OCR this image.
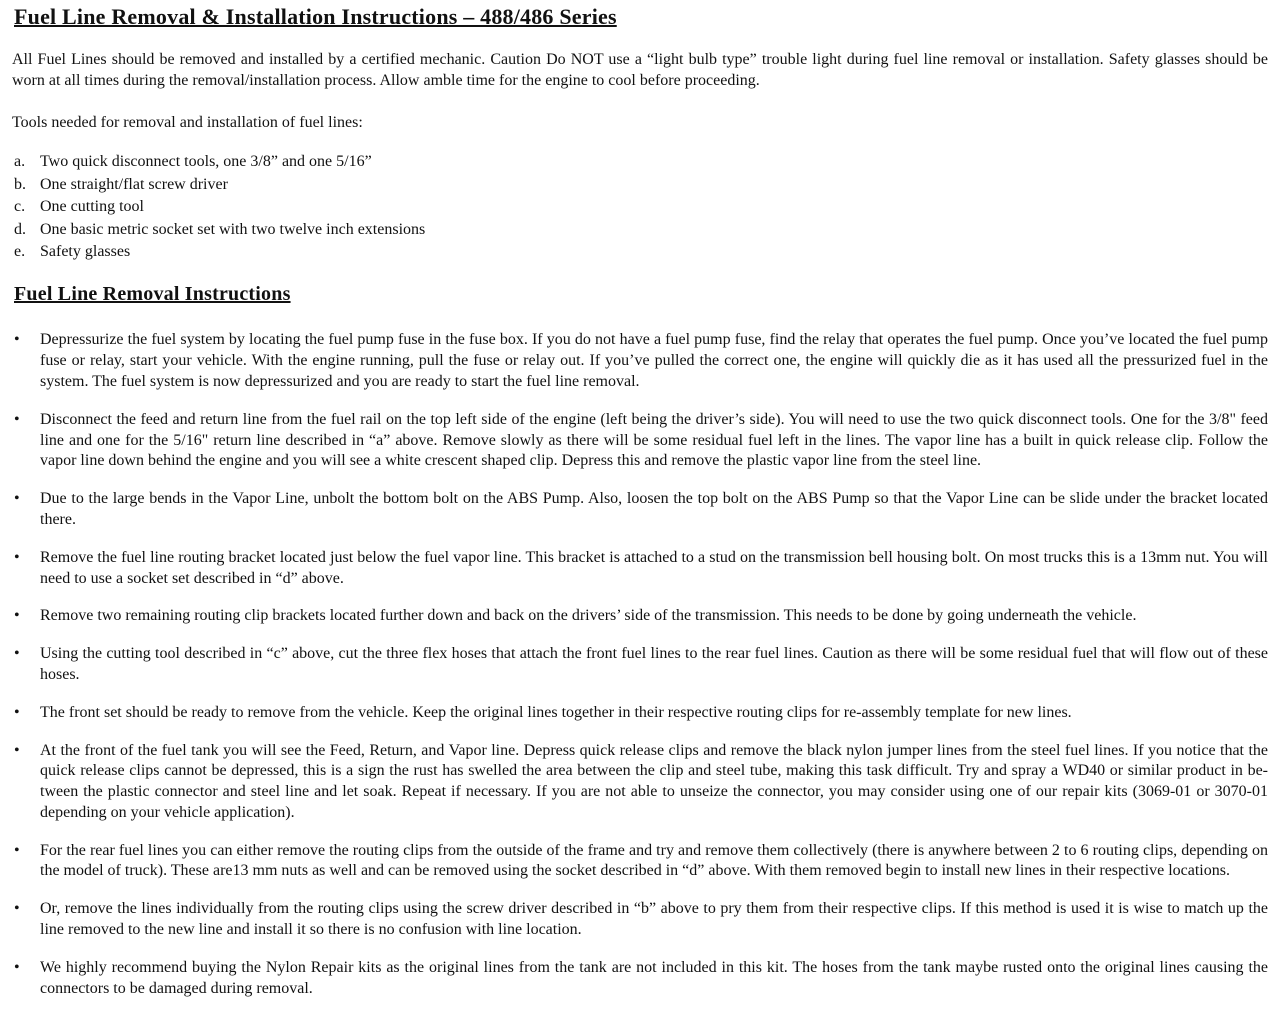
Fuel Line Removal & Installation Instructions – 488/486 Series

All Fuel Lines should be removed and installed by a certified mechanic. Caution Do NOT use a “light bulb type” trouble light during fuel line removal or installation. Safety glasses should be worn at all times during the removal/installation process. Allow amble time for the engine to cool before proceeding.

Tools needed for removal and installation of fuel lines:

a. Two quick disconnect tools, one 3/8” and one 5/16”
b. One straight/flat screw driver
c. One cutting tool
d. One basic metric socket set with two twelve inch extensions
e. Safety glasses
Fuel Line Removal Instructions
•
Depressurize the fuel system by locating the fuel pump fuse in the fuse box. If you do not have a fuel pump fuse, find the relay that operates the fuel pump. Once you’ve located the fuel pump fuse or relay, start your vehicle. With the engine running, pull the fuse or relay out. If you’ve pulled the correct one, the engine will quickly die as it has used all the pressurized fuel in the system. The fuel system is now depressurized and you are ready to start the fuel line removal.
•
Disconnect the feed and return line from the fuel rail on the top left side of the engine (left being the driver’s side). You will need to use the two quick disconnect tools. One for the 3/8" feed line and one for the 5/16" return line described in “a” above. Remove slowly as there will be some residual fuel left in the lines. The vapor line has a built in quick release clip. Follow the vapor line down behind the engine and you will see a white crescent shaped clip. Depress this and remove the plastic vapor line from the steel line.
•
Due to the large bends in the Vapor Line, unbolt the bottom bolt on the ABS Pump. Also, loosen the top bolt on the ABS Pump so that the Vapor Line can be slide under the bracket located there.
•
Remove the fuel line routing bracket located just below the fuel vapor line. This bracket is attached to a stud on the transmission bell housing bolt. On most trucks this is a 13mm nut. You will need to use a socket set described in “d” above.
•
Remove two remaining routing clip brackets located further down and back on the drivers’ side of the transmission. This needs to be done by going underneath the vehicle.
•
Using the cutting tool described in “c” above, cut the three flex hoses that attach the front fuel lines to the rear fuel lines. Caution as there will be some residual fuel that will flow out of these hoses.
•
The front set should be ready to remove from the vehicle. Keep the original lines together in their respective routing clips for re-assembly template for new lines.
•
At the front of the fuel tank you will see the Feed, Return, and Vapor line. Depress quick release clips and remove the black nylon jumper lines from the steel fuel lines. If you notice that the quick release clips cannot be depressed, this is a sign the rust has swelled the area between the clip and steel tube, making this task difficult. Try and spray a WD40 or similar product in be-tween the plastic connector and steel line and let soak. Repeat if necessary. If you are not able to unseize the connector, you may consider using one of our repair kits (3069-01 or 3070-01 depending on your vehicle application).
•
For the rear fuel lines you can either remove the routing clips from the outside of the frame and try and remove them collectively (there is anywhere between 2 to 6 routing clips, depending on the model of truck). These are13 mm nuts as well and can be removed using the socket described in “d” above. With them removed begin to install new lines in their respective locations.
•
Or, remove the lines individually from the routing clips using the screw driver described in “b” above to pry them from their respective clips. If this method is used it is wise to match up the line removed to the new line and install it so there is no confusion with line location.
•
We highly recommend buying the Nylon Repair kits as the original lines from the tank are not included in this kit. The hoses from the tank maybe rusted onto the original lines causing the connectors to be damaged during removal.
